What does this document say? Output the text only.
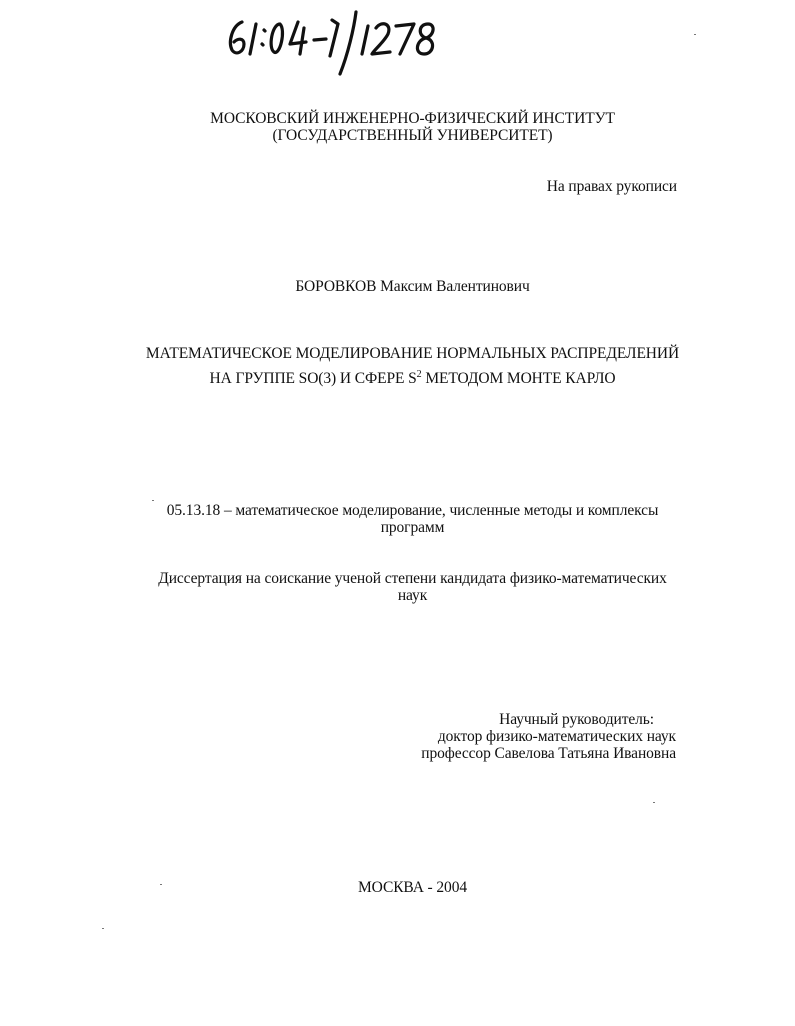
МОСКОВСКИЙ ИНЖЕНЕРНО-ФИЗИЧЕСКИЙ ИНСТИТУТ
(ГОСУДАРСТВЕННЫЙ УНИВЕРСИТЕТ)
На правах рукописи
БОРОВКОВ Максим Валентинович
МАТЕМАТИЧЕСКОЕ МОДЕЛИРОВАНИЕ НОРМАЛЬНЫХ РАСПРЕДЕЛЕНИЙ
НА ГРУППЕ SO(3) И СФЕРЕ $S^2$ МЕТОДОМ МОНТЕ КАРЛО
05.13.18 – математическое моделирование, численные методы и комплексы
программ
Диссертация на соискание ученой степени кандидата физико-математических
наук
Научный руководитель:
доктор физико-математических наук
профессор Савелова Татьяна Ивановна
МОСКВА - 2004
